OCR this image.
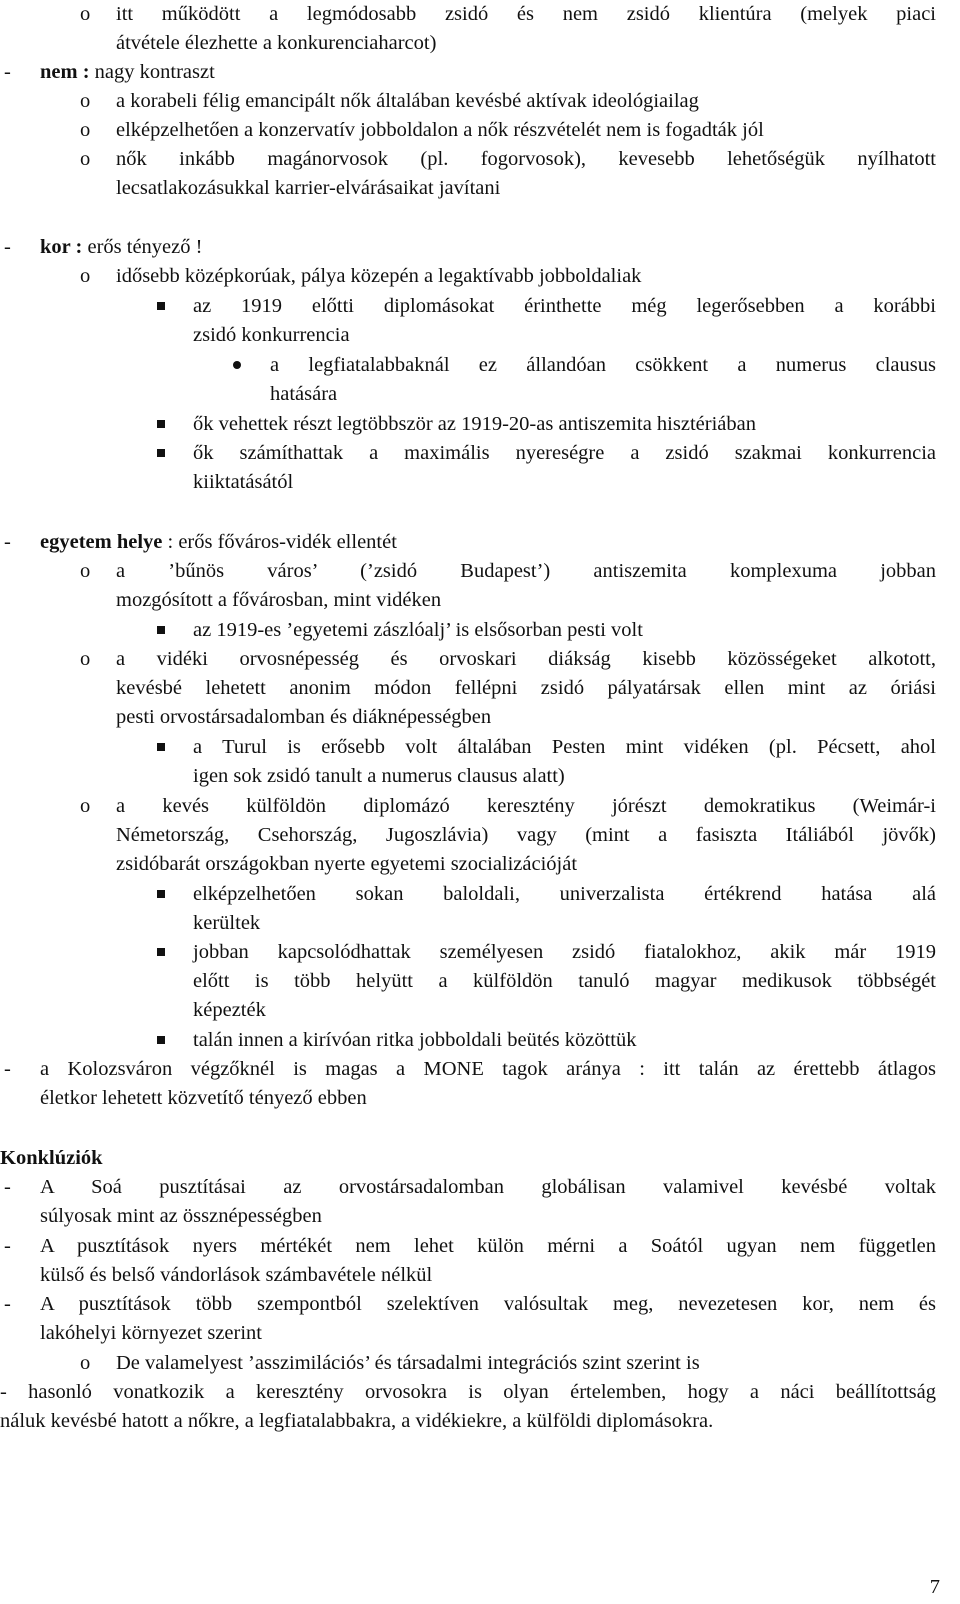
o itt működött a legmódosabb zsidó és nem zsidó klientúra (melyek piaci
átvétele élezhette a konkurenciaharcot)
- nem : nagy kontraszt
o a korabeli félig emancipált nők általában kevésbé aktívak ideológiailag
o elképzelhetően a konzervatív jobboldalon a nők részvételét nem is fogadták jól
o nők inkább magánorvosok (pl. fogorvosok), kevesebb lehetőségük nyílhatott
lecsatlakozásukkal karrier-elvárásaikat javítani
- kor : erős tényező !
o idősebb középkorúak, pálya közepén a legaktívabb jobboldaliak
az 1919 előtti diplomásokat érinthette még legerősebben a korábbi
zsidó konkurrencia
a legfiatalabbaknál ez állandóan csökkent a numerus clausus
hatására
ők vehettek részt legtöbbször az 1919-20-as antiszemita hisztériában
ők számíthattak a maximális nyereségre a zsidó szakmai konkurrencia
kiiktatásától
- egyetem helye : erős főváros-vidék ellentét
o a ’bűnös város’ (’zsidó Budapest’) antiszemita komplexuma jobban
mozgósított a fővárosban, mint vidéken
az 1919-es ’egyetemi zászlóalj’ is elsősorban pesti volt
o a vidéki orvosnépesség és orvoskari diákság kisebb közösségeket alkotott,
kevésbé lehetett anonim módon fellépni zsidó pályatársak ellen mint az óriási
pesti orvostársadalomban és diáknépességben
a Turul is erősebb volt általában Pesten mint vidéken (pl. Pécsett, ahol
igen sok zsidó tanult a numerus clausus alatt)
o a kevés külföldön diplomázó keresztény jórészt demokratikus (Weimár-i
Németország, Csehország, Jugoszlávia) vagy (mint a fasiszta Itáliából jövők)
zsidóbarát országokban nyerte egyetemi szocializációját
elképzelhetően sokan baloldali, univerzalista értékrend hatása alá
kerültek
jobban kapcsolódhattak személyesen zsidó fiatalokhoz, akik már 1919
előtt is több helyütt a külföldön tanuló magyar medikusok többségét
képezték
talán innen a kirívóan ritka jobboldali beütés közöttük
- a Kolozsváron végzőknél is magas a MONE tagok aránya : itt talán az érettebb átlagos
életkor lehetett közvetítő tényező ebben
Konklúziók
- A Soá pusztításai az orvostársadalomban globálisan valamivel kevésbé voltak
súlyosak mint az össznépességben
- A pusztítások nyers mértékét nem lehet külön mérni a Soától ugyan nem független
külső és belső vándorlások számbavétele nélkül
- A pusztítások több szempontból szelektíven valósultak meg, nevezetesen kor, nem és
lakóhelyi környezet szerint
o De valamelyest ’asszimilációs’ és társadalmi integrációs szint szerint is
- hasonló vonatkozik a keresztény orvosokra is olyan értelemben, hogy a náci beállítottság
náluk kevésbé hatott a nőkre, a legfiatalabbakra, a vidékiekre, a külföldi diplomásokra.
7
